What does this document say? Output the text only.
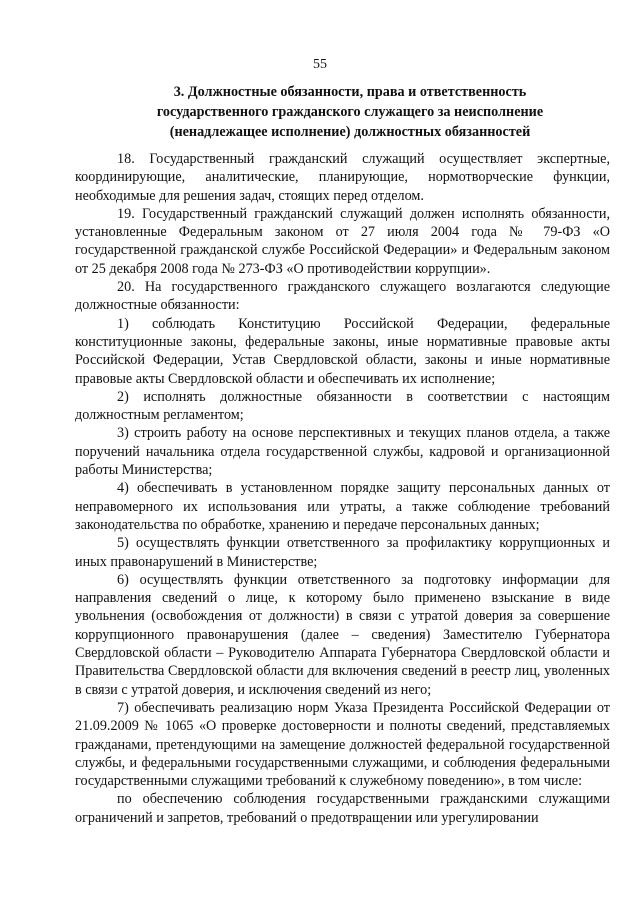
55
3. Должностные обязанности, права и ответственность
государственного гражданского служащего за неисполнение
(ненадлежащее исполнение) должностных обязанностей

18. Государственный гражданский служащий осуществляет экспертные, координирующие, аналитические, планирующие, нормотворческие функции, необходимые для решения задач, стоящих перед отделом.

19. Государственный гражданский служащий должен исполнять обязанности, установленные Федеральным законом от 27 июля 2004 года № 79-ФЗ «О государственной гражданской службе Российской Федерации» и Федеральным законом от 25 декабря 2008 года № 273-ФЗ «О противодействии коррупции».

20. На государственного гражданского служащего возлагаются следующие должностные обязанности:

1) соблюдать Конституцию Российской Федерации, федеральные конституционные законы, федеральные законы, иные нормативные правовые акты Российской Федерации, Устав Свердловской области, законы и иные нормативные правовые акты Свердловской области и обеспечивать их исполнение;

2) исполнять должностные обязанности в соответствии с настоящим должностным регламентом;

3) строить работу на основе перспективных и текущих планов отдела, а также поручений начальника отдела государственной службы, кадровой и организационной работы Министерства;

4) обеспечивать в установленном порядке защиту персональных данных от неправомерного их использования или утраты, а также соблюдение требований законодательства по обработке, хранению и передаче персональных данных;

5) осуществлять функции ответственного за профилактику коррупционных и иных правонарушений в Министерстве;

6) осуществлять функции ответственного за подготовку информации для направления сведений о лице, к которому было применено взыскание в виде увольнения (освобождения от должности) в связи с утратой доверия за совершение коррупционного правонарушения (далее – сведения) Заместителю Губернатора Свердловской области – Руководителю Аппарата Губернатора Свердловской области и Правительства Свердловской области для включения сведений в реестр лиц, уволенных в связи с утратой доверия, и исключения сведений из него;

7) обеспечивать реализацию норм Указа Президента Российской Федерации от 21.09.2009 № 1065 «О проверке достоверности и полноты сведений, представляемых гражданами, претендующими на замещение должностей федеральной государственной службы, и федеральными государственными служащими, и соблюдения федеральными государственными служащими требований к служебному поведению», в том числе:

по обеспечению соблюдения государственными гражданскими служащими ограничений и запретов, требований о предотвращении или урегулировании
